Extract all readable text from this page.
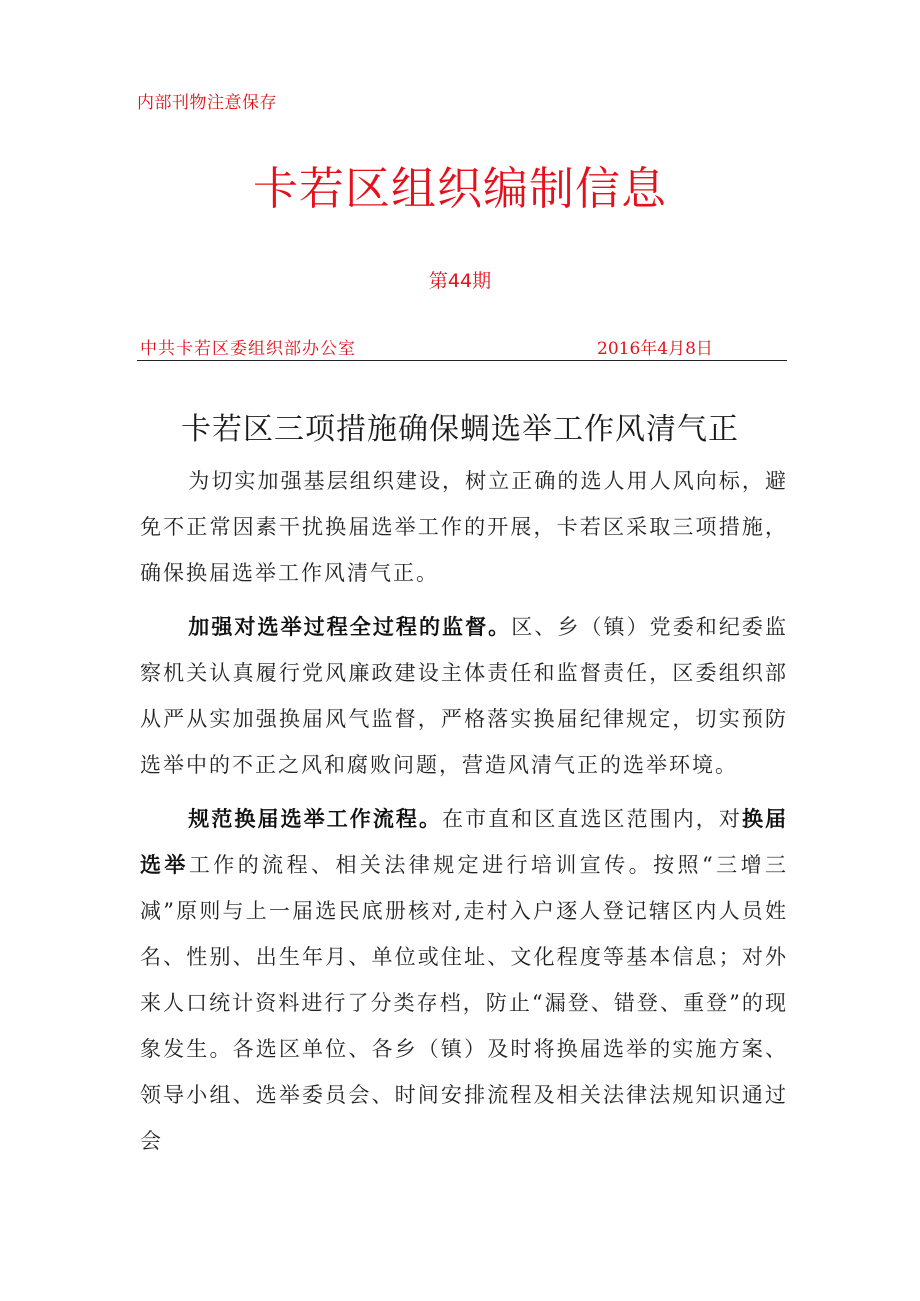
内部刊物注意保存
卡若区组织编制信息
第44期
中共卡若区委组织部办公室	2016年4月8日
卡若区三项措施确保蜩选举工作风清气正

为切实加强基层组织建设，树立正确的选人用人风向标，避免不正常因素干扰换届选举工作的开展，卡若区采取三项措施，确保换届选举工作风清气正。

加强对选举过程全过程的监督。区、乡（镇）党委和纪委监察机关认真履行党风廉政建设主体责任和监督责任，区委组织部从严从实加强换届风气监督，严格落实换届纪律规定，切实预防选举中的不正之风和腐败问题，营造风清气正的选举环境。

规范换届选举工作流程。在市直和区直选区范围内，对换届选举工作的流程、相关法律规定进行培训宣传。按照“三增三减”原则与上一届选民底册核对,走村入户逐人登记辖区内人员姓名、性别、出生年月、单位或住址、文化程度等基本信息；对外来人口统计资料进行了分类存档，防止“漏登、错登、重登”的现象发生。各选区单位、各乡（镇）及时将换届选举的实施方案、领导小组、选举委员会、时间安排流程及相关法律法规知识通过会
